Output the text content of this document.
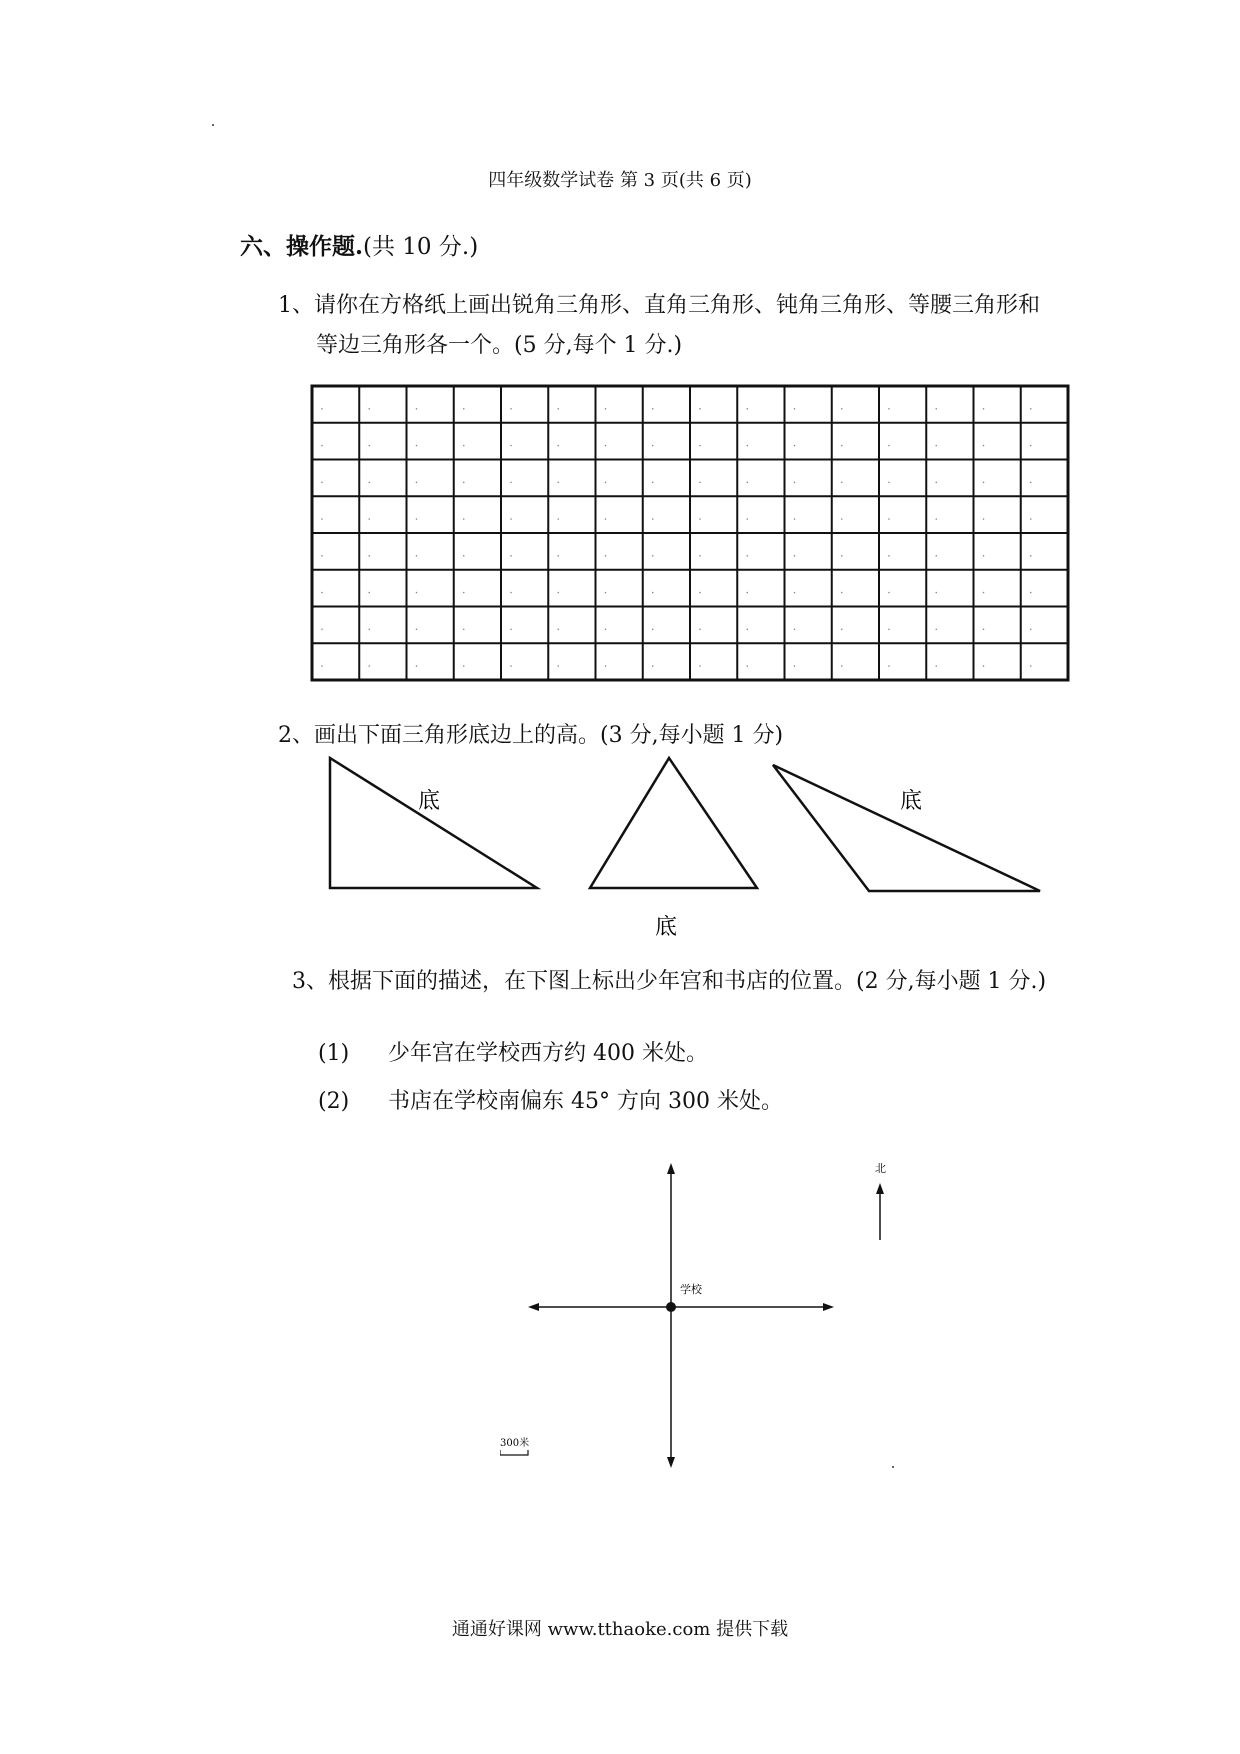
四年级数学试卷 第 3 页(共 6 页)
六、操作题.(共 10 分.)
1、请你在方格纸上画出锐角三角形、直角三角形、钝角三角形、等腰三角形和
等边三角形各一个。(5 分,每个 1 分.)
2、画出下面三角形底边上的高。(3 分,每小题 1 分)
底
底
底
3、根据下面的描述，在下图上标出少年宫和书店的位置。(2 分,每小题 1 分.)
(1) 少年宫在学校西方约 400 米处。
(2) 书店在学校南偏东 45° 方向 300 米处。
学校
北
300米
通通好课网 www.tthaoke.com 提供下载
